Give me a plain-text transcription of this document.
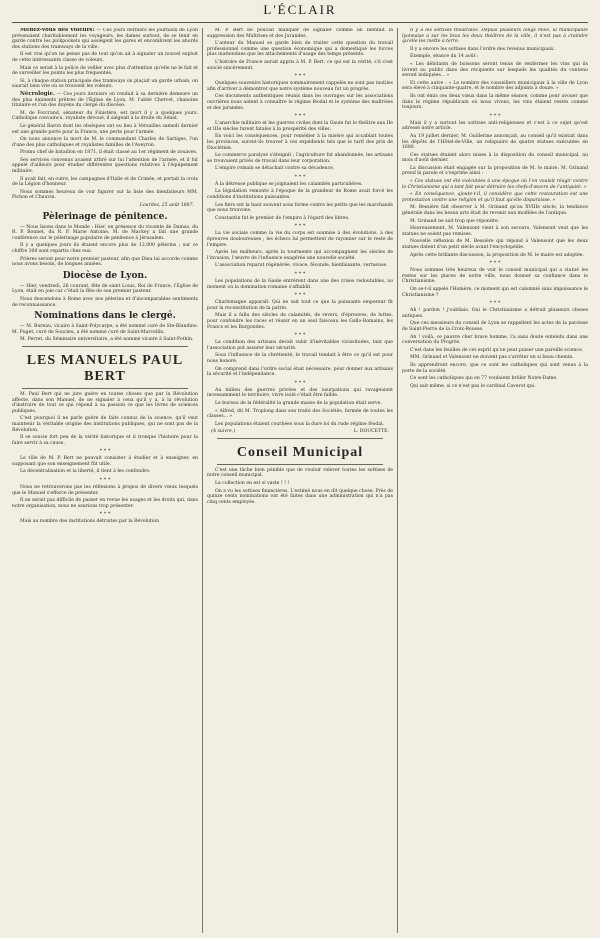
L'ÉCLAIR

Méfiez-vous des voleurs! — Ces jours derniers les journaux de Lyon prévenaient charitablement les voyageurs, les dames surtout, de se tenir en garde contre les pickpockets qui assiègent les gares et encombrent les abords des stations des tramways de la ville.

Il est vrai qu'on ne pense pas de tout qu'on ait à signaler un nouvel exploit de cette intéressante classe de voleurs.

Mais ce serait à la police de veiller avec plus d'attention qu'elle ne le fait et de surveiller les points les plus fréquentés.

Si, à chaque station principale des tramways on plaçait un garde urbain, on saurait bien vite où se trouvent les voleurs.

Nécrologie. — Ces jours derniers on rendait à sa dernière demeure un des plus éminents prêtres de l'Église de Lyon, M. l'abbé Chervet, chanoine titulaire et l'un des doyens du clergé du diocèse.

M. de Forcrand, sénateur du Finistère, est mort il y a quelques jours. Catholique convaincu, royaliste dévoué, il siégeait à la droite du Sénat.

Le général Baron dont les obsèques ont eu lieu à Versailles samedi dernier est une grande perte pour la France, une perte pour l'armée.

On nous annonce la mort de M. le commandant Charles de Sartiges, l'un d'une des plus catholiques et royalistes familles de l'Aveyron.

Promu chef de bataillon en 1871, il était classé au 1er régiment de zouaves.

Ses services convenus avaient attiré sur lui l'attention de l'armée, et il fut appelé d'ailleurs pour étudier différentes questions relatives à l'équipement militaire.

Il avait fait, en outre, les campagnes d'Italie et de Crimée, et portait la croix de la Légion d'honneur.

Nous sommes heureux de voir figurer sur la liste des bienfaiteurs MM. Pichon et Chauvin.

Lourdes, 25 août 1887.
Pèlerinage de pénitence.

— Nous lisons dans le Monde : Hier, en présence du vicomte de Damas, du R. P. Bonnet, du R. P. Marie Antoine, M. de Mackey a fait une grande conférence sur le pèlerinage populaire de pénitence à Jérusalem.

Il y a quelques jours ils étaient encore plus de 12,000 pèlerins ; sur ce chiffre 300 sont repartis chez eux.

Prières seront pour notre premier pasteur, afin que Dieu lui accorde comme nous avons besoin, de longues années.

Diocèse de Lyon.

— Hier, vendredi, 26 courant, fête de saint Louis, Roi de France, l'Église de Lyon, était en joie car c'était la fête de son premier pasteur.

Nous descendons à Rome avec nos pèlerins et d'incomparables sentiments de reconnaissance.

Nominations dans le clergé.

— M. Bureau, vicaire à Saint-Polycarpe, a été nommé curé de Ste-Blandine. M. Puget, curé de Soucieu, a été nommé curé de Saint-Marcellin.

M. Perret, du Séminaire universitaire, a été nommé vicaire à Saint-Pothin.

LES MANUELS PAUL BERT

M. Paul Bert qui ne jure guère en toutes choses que par la Révolution affecte, dans son Manuel, de ne signaler à ceux qu'il y a, à la révolution d'instruire de tout ce qui répond à sa passion ce que les livres de sciences publiques.

C'est pourquoi il ne parle guère de faits connus de la science, qu'il veut maintenir la véritable origine des institutions publiques, qui ne sont pas de la Révolution.

Il se soucie fort peu de la vérité historique et il tronque l'histoire pour la faire servir à sa cause.

* * *

Le rôle de M. P. Bert ne pouvait consister à étudier et à enseigner, en supposant que son enseignement fût utile.

La décentralisation et la liberté, il tient à les confondre.

* * *

Nous ne retrouverons pas les réflexions à propos de divers vœux lesquels que le Manuel s'efforce de présenter.

Il ne serait pas difficile de passer en revue les usages et les droits qui, dans notre organisation, nous ne saurions trop présenter.

* * *

Mais au nombre des institutions détruites par la Révolution

M. P. Bert ne pouvait manquer de signaler comme un bienfait la suppression des Maîtrises et des Jurandes.

L'auteur du Manuel se garde bien de traiter cette question du travail professionnel comme une question économique qui a domestiqué les forces plus inattendues que les attachements d'usage des temps présents.

L'histoire de France aurait appris à M. P. Bert, ce qui est la vérité, s'il s'est soucié sincèrement.

* * *

Quelques souvenirs historiques sommairement rappelés ne sont pas inutiles afin d'arriver à démontrer que notre système nouveau fut un progrès.

Ces documents authentiques réunis dans les ouvrages sur les associations ouvrières nous aident à connaître le régime féodal et le système des maîtrises et des jurandes.

* * *

L'anarchie militaire et les guerres civiles dont la Gaule fut le théâtre aux IIe et IIIe siècles furent fatales à la prospérité des villes.

En voici les conséquences, pour remédier à la misère qui accablait toutes les provinces, surent-ils trouver à ces expédients tels que le tarif des prix de Dioclétien.

Le commerce paralysé s'éteignit ; l'agriculture fut abandonnée, les artisans se trouvaient privés de travail dans leur corporation.

L'empire romain se détachait contre sa décadence.

* * *

À la détresse publique se joignaient les calamités particulières.

La législation remonte à l'époque de la grandeur de Rome avait forcé les conditions d'institutions puissantes.

Les fiers ont la haut souvent sous forme contre les petits que les marchands que nous trouvons.

Constantin fut le premier de l'empire à l'égard des libres.

* * *

La vie sociale comme la vie du corps est soumise à des évolutions, à des épreuves douloureuses ; les échecs lui permettent de rayonner sur le reste de l'empire.

Après les malheurs, après la tourmente qui accompagnent les siècles de l'invasion, l'œuvre de l'influence exagérée une nouvelle société.

L'association reparut régénérée, vivace, féconde, bienfaisante, vertueuse.

* * *

Les populations de la Gaule entrèrent dans une des crises redoutables, au moment où la domination romaine s'affaiblit.

* * *

Charlemagne apparaît. Qui ne sait tout ce que la puissante empereur fit pour la reconstitution de la patrie.

Mais il a fallu des siècles de calamités, de revers, d'épreuves, de luttes, pour confondre les races et réunir en un seul faisceau les Gallo-Romains, les Francs et les Burgondes.

* * *

La condition des artisans devait subir d'inévitables vicissitudes, tant que l'association put assurer leur sécurité.

Sous l'influence de la chrétienté, le travail tendait à être ce qu'il est pour nous honoré.

On comprend dans l'ordre social était nécessaire, pour donner aux artisans la sécurité et l'indépendance.

* * *

Au milieu des guerres privées et des usurpations qui ravageaient incessamment le territoire, vivre isolé c'était être faible.

Le bureau de la fédéralité la grande masse de la population était serve.

« Alfred, dit M. Troplong dans son traité des Sociétés, formée de toutes les classes... »

Les populations étaient courbées sous la dure loi du rude régime féodal.

(A suivre.)	L. DOUCETTE.
Conseil Municipal

C'est une tâche bien pénible que de vouloir relever toutes les sottises de notre conseil municipal.

La collection en est si vaste ! ! !

On a vu les sottises financières. L'estimé nous en dit quelque chose. Près de quinze cents nominations ont été faites dans une administration qui n'a pas cinq cents employés.

Il y a les sottises théâtrales. Depuis plusieurs longs mois, la municipalité lyonnaise a sur les bras les deux théâtres de la ville, il n'est pas à craindre qu'elle les mette à terre.

Il y a encore les sottises dans l'ordre des revenus municipaux.

Exemple, séance du 14 août :

« Les débitants de boissons seront tenus de renfermer les vins qui ils livrent au public dans des récipients sur lesquels les qualités du contenu seront indiquées... »

Et cette autre : « Le nombre des conseillers municipaux à la ville de Lyon sera élevé à cinquante-quatre, et le nombre des adjoints à douze. »

Ils ont émis ces deux vœux dans la même séance, comme pour avouer que dans le régime républicain où nous vivons, les vins étaient restés comme toujours.

* * *

Mais il y a surtout les sottises anti-religieuses et c'est à ce sujet qu'est adressé notre article.

Au 19 juillet dernier, M. Guillerme annonçait, au conseil qu'il existait dans les dépôts de l'Hôtel-de-Ville, un reliquaire de quatre statues exécutées en 1680.

Ces statues étaient alors mises à la disposition du conseil municipal, au mois d'août dernier.

La discussion était engagée sur la proposition de M. le maire. M. Grinand prend la parole et s'exprime ainsi :

« Ces statues ont été exécutées à une époque où l'on voulait réagir contre le Christianisme qui a tant fait pour détruire les chefs-d'œuvre de l'antiquité. »

« En conséquence, ajoute-t-il, il considère que cette restauration est une protestation contre une religion et qu'il faut qu'elle disparaisse. »

M. Bessière fait observer à M. Grinand qu'au XVIIIe siècle, la tendance générale dans les beaux arts était de revenir aux modèles de l'antique.

M. Grinand ne sait trop que répondre.

Heureusement, M. Valensont vient à son secours. Valensont veut que les statues ne soient pas remises.

Nouvelle réflexion de M. Bessière qui répond à Valensont que les deux statues datent d'un petit siècle avant l'encyclopédie.

Après cette brillante discussion, la proposition de M. le maire est adoptée.

* * *

Nous sommes très heureux de voir le conseil municipal qui a statué les restes sur les places de notre ville, nous donner sa confiance dans le Christianisme.

On se-t-il appelé l'Homère, ce moment qui est calomnié sans impuissance le Christianisme ?

* * *

Ah ! pardon ! j'oubliais. Oui le Christianisme a détruit plusieurs choses antiques.

Que ces messieurs du conseil de Lyon se rappellent les actes de la paroisse de Saint-Pierre de la Croix-Rousse.

Ah ! voilà, ce pauvre cher brave homme, l'a sans doute entendu dans une conversation du Progrès.

C'est dans les feuilles de cet esprit qu'on peut puiser une pareille science.

MM. Grinand et Valensont ne doivent pas s'arrêter en si beau chemin.

Ils apprendront encore, que ce sont les catholiques qui sont venus à la porte de la société.

Ce sont les catholiques qui en 77 voulaient brûler Notre-Dame.

Qui sait même, si ce n'est pas le cardinal Caverot qui.
